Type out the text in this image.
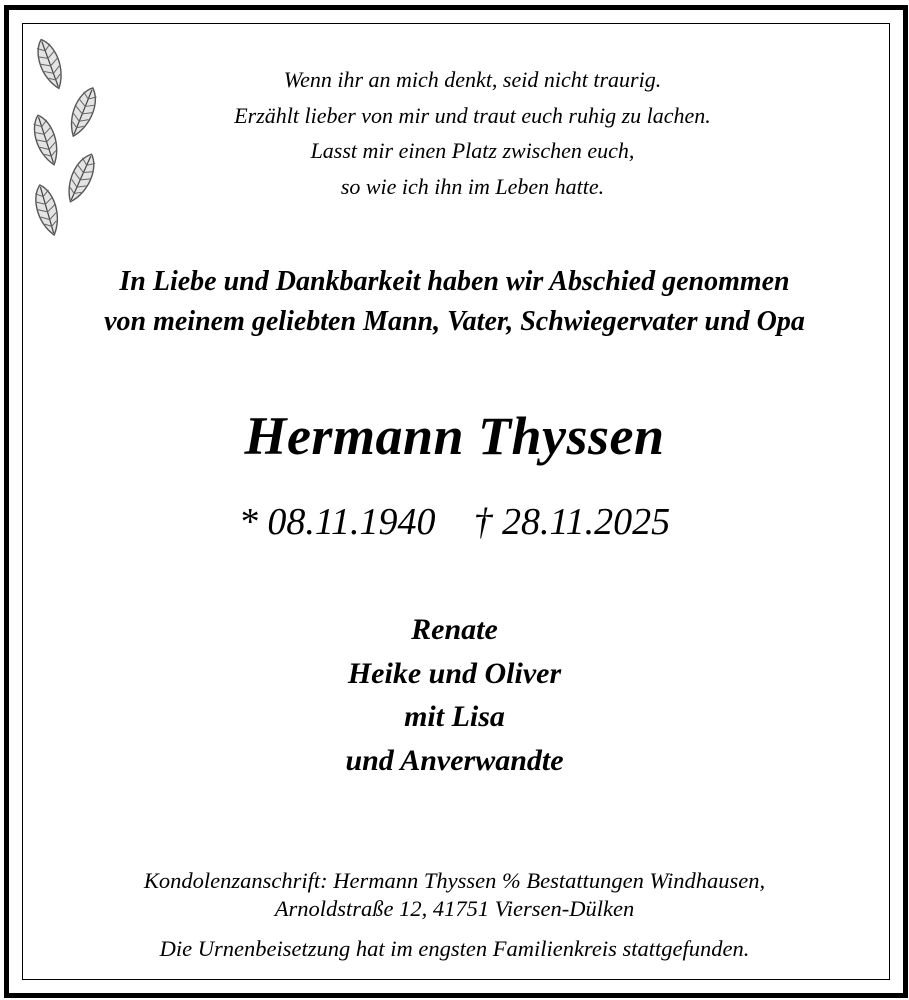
Wenn ihr an mich denkt, seid nicht traurig.
Erzählt lieber von mir und traut euch ruhig zu lachen.
Lasst mir einen Platz zwischen euch,
so wie ich ihn im Leben hatte.
In Liebe und Dankbarkeit haben wir Abschied genommen
von meinem geliebten Mann, Vater, Schwiegervater und Opa
Hermann Thyssen
* 08.11.1940 † 28.11.2025
Renate
Heike und Oliver
mit Lisa
und Anverwandte
Kondolenzanschrift: Hermann Thyssen % Bestattungen Windhausen,
Arnoldstraße 12, 41751 Viersen-Dülken
Die Urnenbeisetzung hat im engsten Familienkreis stattgefunden.
